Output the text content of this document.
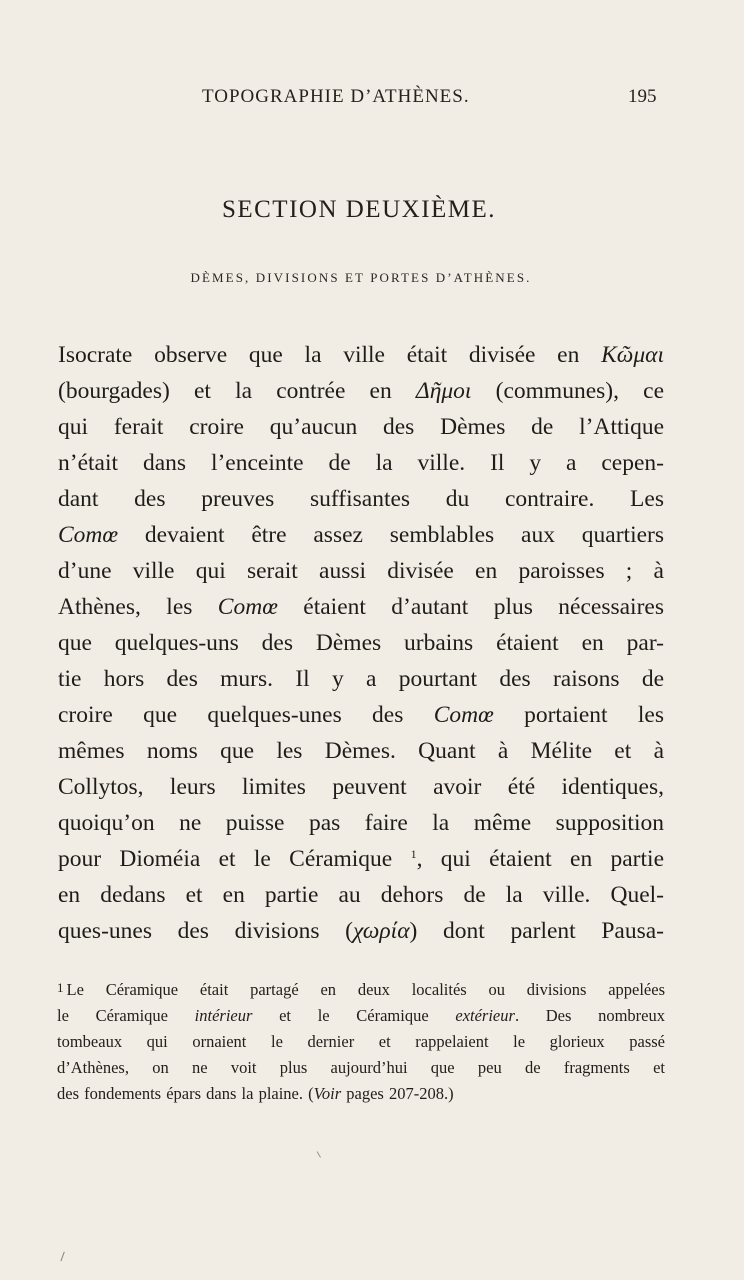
TOPOGRAPHIE D’ATHÈNES.	195
SECTION DEUXIÈME.
DÈMES, DIVISIONS ET PORTES D’ATHÈNES.
Isocrate observe que la ville était divisée en Κῶμαι
(bourgades) et la contrée en Δῆμοι (communes), ce
qui ferait croire qu’aucun des Dèmes de l’Attique
n’était dans l’enceinte de la ville. Il y a cepen-
dant des preuves suffisantes du contraire. Les
Comœ devaient être assez semblables aux quartiers
d’une ville qui serait aussi divisée en paroisses ; à
Athènes, les Comœ étaient d’autant plus nécessaires
que quelques-uns des Dèmes urbains étaient en par-
tie hors des murs. Il y a pourtant des raisons de
croire que quelques-unes des Comœ portaient les
mêmes noms que les Dèmes. Quant à Mélite et à
Collytos, leurs limites peuvent avoir été identiques,
quoiqu’on ne puisse pas faire la même supposition
pour Dioméia et le Céramique $^1$, qui étaient en partie
en dedans et en partie au dehors de la ville. Quel-
ques-unes des divisions (χωρία) dont parlent Pausa-
1 Le Céramique était partagé en deux localités ou divisions appelées
le Céramique intérieur et le Céramique extérieur. Des nombreux
tombeaux qui ornaient le dernier et rappelaient le glorieux passé
d’Athènes, on ne voit plus aujourd’hui que peu de fragments et
des fondements épars dans la plaine. (Voir pages 207-208.)
